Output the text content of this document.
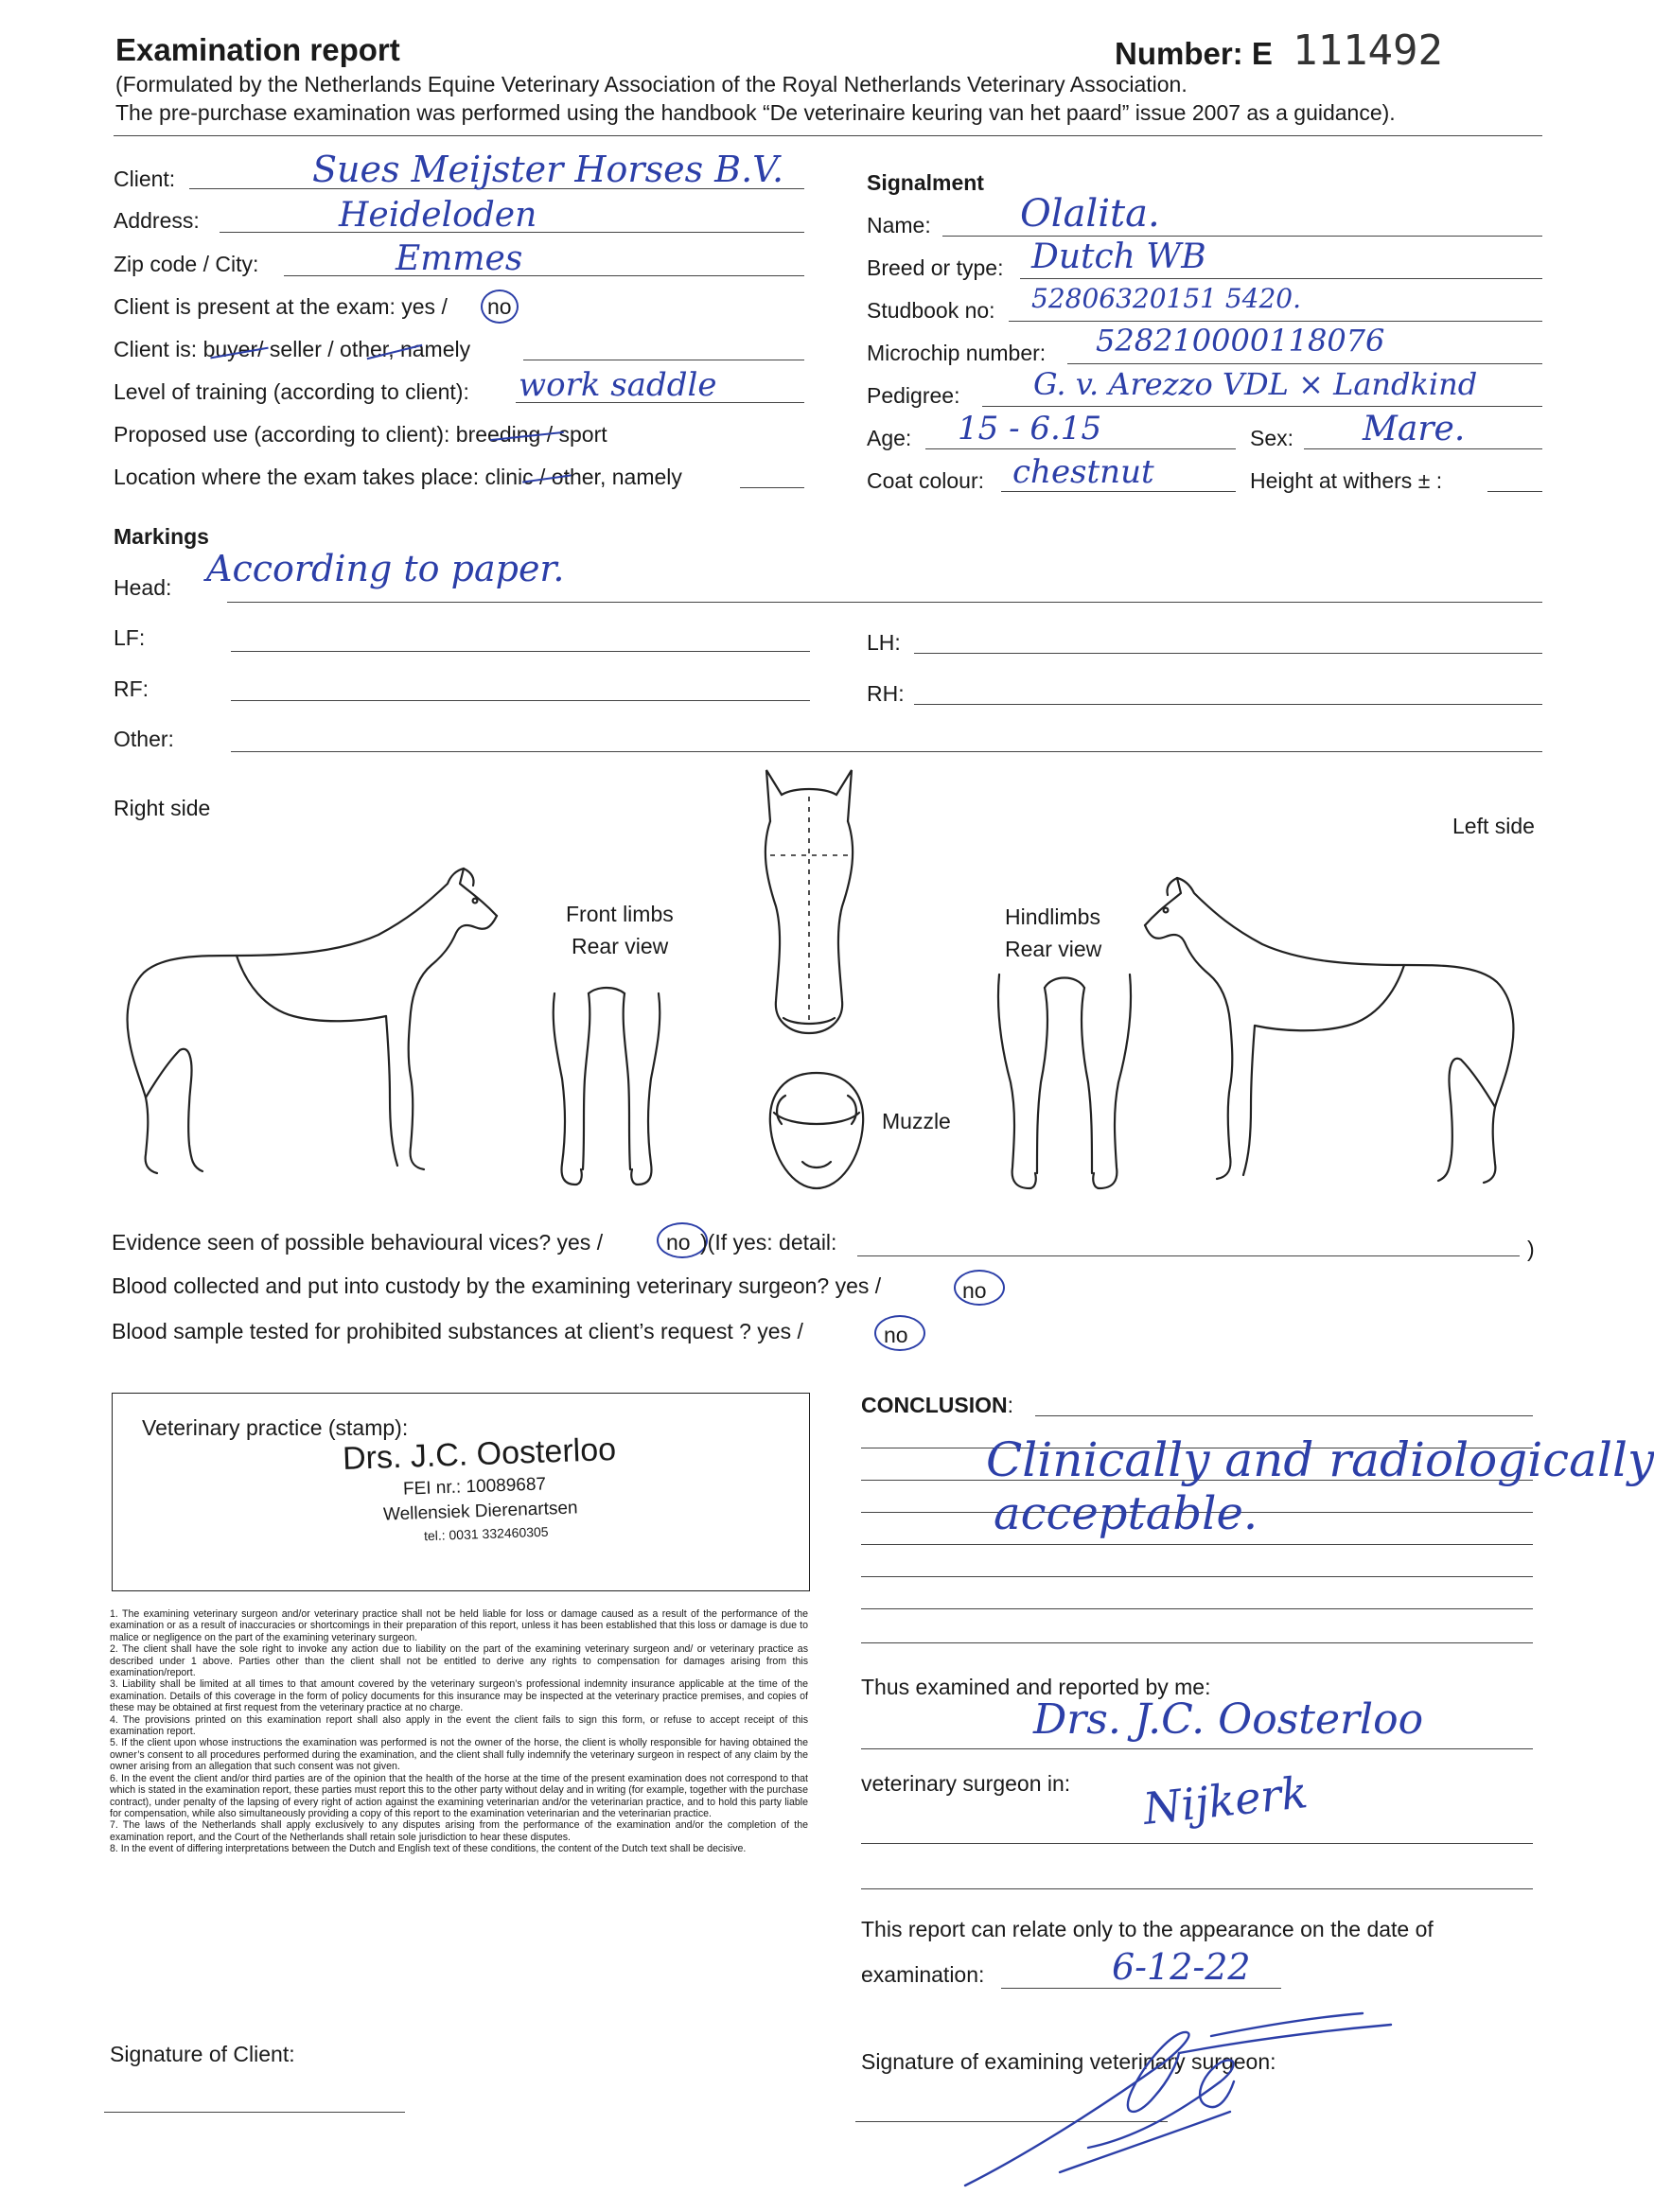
Examination report	Number: E 111492
(Formulated by the Netherlands Equine Veterinary Association of the Royal Netherlands Veterinary Association.
The pre-purchase examination was performed using the handbook “De veterinaire keuring van het paard” issue 2007 as a guidance).
Client:	Sues Meijster Horses B.V.
Address:	Heideloden
Zip code / City:	Emmes
Client is present at the exam: yes / no
Client is: buyer/ seller / other, namely
Level of training (according to client): work saddle
Proposed use (according to client): breeding / sport
Location where the exam takes place: clinic / other, namely
Signalment
Name: Olalita.
Breed or type: Dutch WB
Studbook no: 52806320151 5420.
Microchip number: 528210000118076
Pedigree: G. v. Arezzo VDL × Landkind
Age: 15 - 6.15	Sex: Mare.
Coat colour: chestnut	Height at withers ± :
Markings
Head: According to paper.
LF:	LH:
RF:	RH:
Other:
Right side
Left side
Front limbs
Rear view
Hindlimbs
Rear view
Muzzle
Evidence seen of possible behavioural vices? yes /	no )(If yes: detail:	)
Blood collected and put into custody by the examining veterinary surgeon? yes /	no
Blood sample tested for prohibited substances at client’s request ? yes /	no
Veterinary practice (stamp):
Drs. J.C. Oosterloo
FEI nr.: 10089687
Wellensiek Dierenartsen
tel.: 0031 332460305
1. The examining veterinary surgeon and/or veterinary practice shall not be held liable for loss or damage caused as a result of the performance of the examination or as a result of inaccuracies or shortcomings in their preparation of this report, unless it has been established that this loss or damage is due to malice or negligence on the part of the examining veterinary surgeon.
2. The client shall have the sole right to invoke any action due to liability on the part of the examining veterinary surgeon and/ or veterinary practice as described under 1 above. Parties other than the client shall not be entitled to derive any rights to compensation for damages arising from this examination/report.
3. Liability shall be limited at all times to that amount covered by the veterinary surgeon’s professional indemnity insurance applicable at the time of the examination. Details of this coverage in the form of policy documents for this insurance may be inspected at the veterinary practice premises, and copies of these may be obtained at first request from the veterinary practice at no charge.
4. The provisions printed on this examination report shall also apply in the event the client fails to sign this form, or refuse to accept receipt of this examination report.
5. If the client upon whose instructions the examination was performed is not the owner of the horse, the client is wholly responsible for having obtained the owner’s consent to all procedures performed during the examination, and the client shall fully indemnify the veterinary surgeon in respect of any claim by the owner arising from an allegation that such consent was not given.
6. In the event the client and/or third parties are of the opinion that the health of the horse at the time of the present examination does not correspond to that which is stated in the examination report, these parties must report this to the other party without delay and in writing (for example, together with the purchase contract), under penalty of the lapsing of every right of action against the examining veterinarian and/or the veterinarian practice, and to hold this party liable for compensation, while also simultaneously providing a copy of this report to the examination veterinarian and the veterinarian practice.
7. The laws of the Netherlands shall apply exclusively to any disputes arising from the performance of the examination and/or the completion of the examination report, and the Court of the Netherlands shall retain sole jurisdiction to hear these disputes.
8. In the event of differing interpretations between the Dutch and English text of these conditions, the content of the Dutch text shall be decisive.
CONCLUSION:
Clinically and radiologically
acceptable.
Thus examined and reported by me:
Drs. J.C. Oosterloo
veterinary surgeon in: Nijkerk
This report can relate only to the appearance on the date of
examination:	6-12-22
Signature of Client:	Signature of examining veterinary surgeon:
